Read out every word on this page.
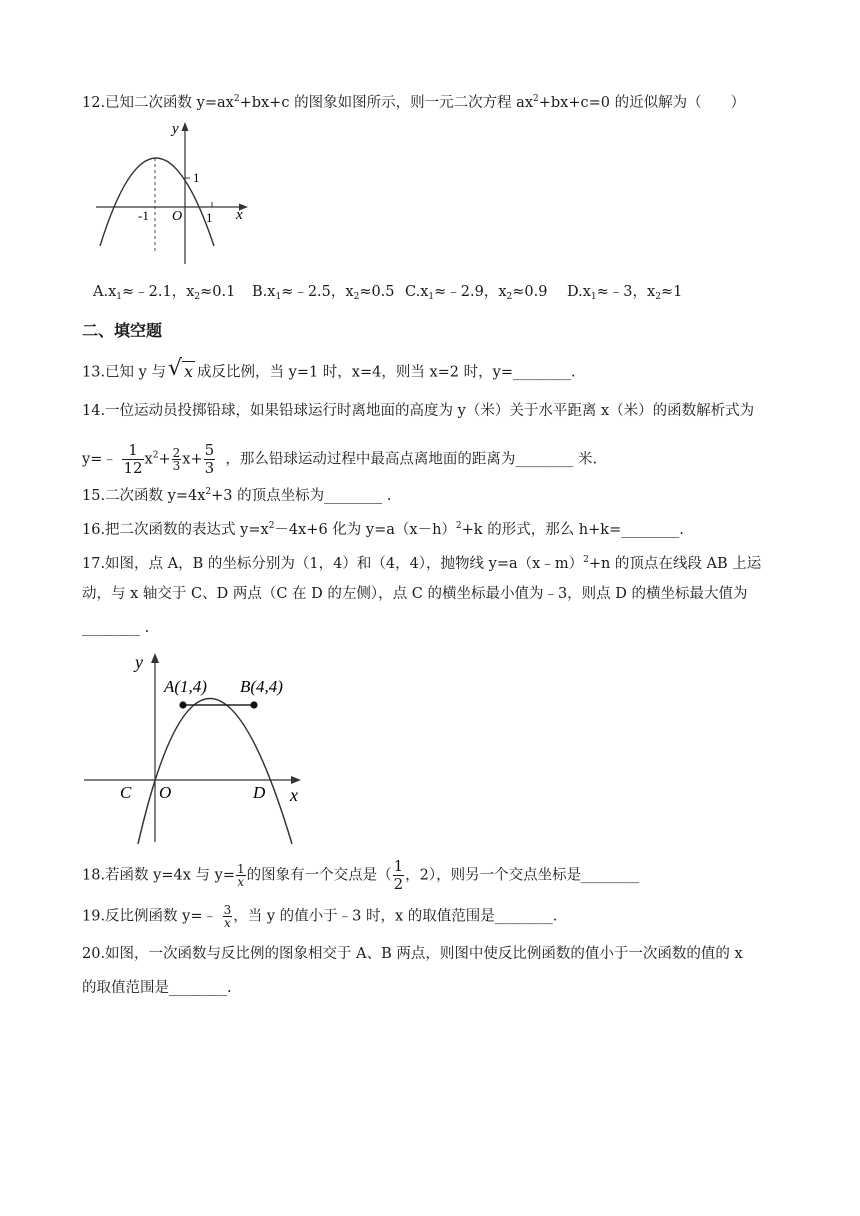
12.已知二次函数 $y=ax^2+bx+c$ 的图象如图所示，则一元二次方程 $ax^2+bx+c=0$ 的近似解为（　　）
y
x
O
-1	1
1
A.x1≈﹣2.1，x2≈0.1 B.x1≈﹣2.5，x2≈0.5 C.x1≈﹣2.9，x2≈0.9 D.x1≈﹣3，x2≈1
二、填空题
13.已知 y 与 √ x 成反比例，当 y=1 时，x=4，则当 x=2 时，y=________.
14.一位运动员投掷铅球，如果铅球运行时离地面的高度为 y（米）关于水平距离 x（米）的函数解析式为
y=﹣ $\frac{1}{12} x^2+ \frac{2}{3} x+ \frac{5}{3}$ ，那么铅球运动过程中最高点离地面的距离为________ 米.
15.二次函数 $y=4x^2+3$ 的顶点坐标为________ .
16.把二次函数的表达式 $y=x^2-4x+6$ 化为 $y=a(x-h)^2+k$ 的形式，那么 h+k=________.
17.如图，点 A，B 的坐标分别为（1，4）和（4，4），抛物线 y=a（x﹣m）$^2$+n 的顶点在线段 AB 上运
动，与 x 轴交于 C、D 两点（C 在 D 的左侧），点 C 的横坐标最小值为﹣3，则点 D 的横坐标最大值为
________ .
y
x
O
A(1,4) B(4,4)
C	D
18.若函数 y=4x 与 $y= \frac{1}{x}$ 的图象有一个交点是（ $\frac{1}{2}$ ，2），则另一个交点坐标是________
19.反比例函数 y=﹣ $\frac{3}{x}$ ，当 y 的值小于﹣3 时，x 的取值范围是________.
20.如图，一次函数与反比例的图象相交于 A、B 两点，则图中使反比例函数的值小于一次函数的值的 x
的取值范围是________.
